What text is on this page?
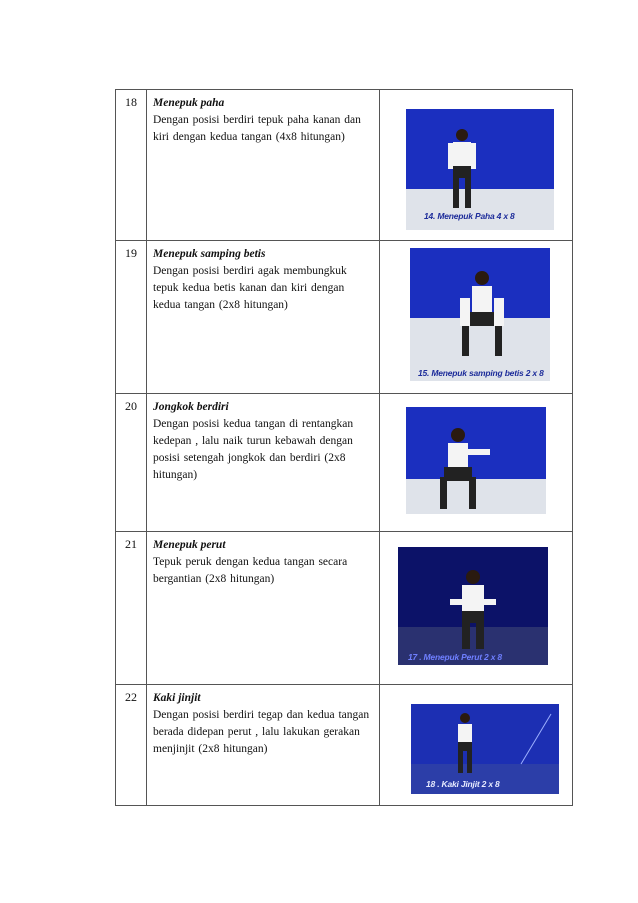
18	Menepuk paha
Dengan posisi berdiri tepuk paha kanan dan kiri dengan kedua tangan (4x8 hitungan)	14. Menepuk Paha 4 x 8

19	Menepuk samping betis
Dengan posisi berdiri agak membungkuk tepuk kedua betis kanan dan kiri dengan kedua tangan (2x8 hitungan)	15. Menepuk samping betis 2 x 8

20	Jongkok berdiri
Dengan posisi kedua tangan di rentangkan kedepan , lalu naik turun kebawah dengan posisi setengah jongkok dan berdiri (2x8 hitungan)

21	Menepuk perut
Tepuk peruk dengan kedua tangan secara bergantian (2x8 hitungan)	17 . Menepuk Perut 2 x 8

22	Kaki jinjit
Dengan posisi berdiri tegap dan kedua tangan berada didepan perut , lalu lakukan gerakan menjinjit (2x8 hitungan)	18 . Kaki Jinjit 2 x 8
